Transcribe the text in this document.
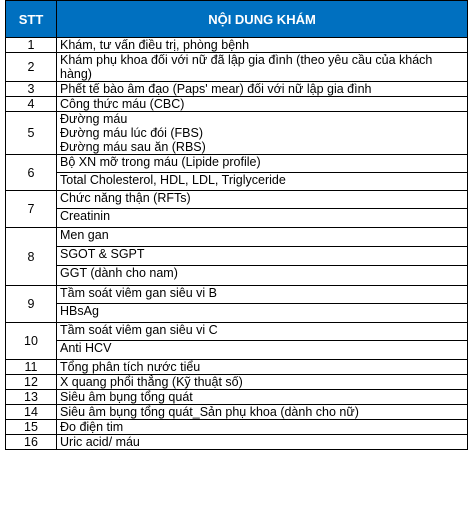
STT	NỘI DUNG KHÁM
1	Khám, tư vấn điều trị, phòng bệnh

2	Khám phụ khoa đối với nữ đã lập gia đình (theo yêu cầu của khách hàng)

3	Phết tế bào âm đạo (Paps' mear) đối với nữ lập gia đình

4	Công thức máu (CBC)

5	Đường máu
Đường máu lúc đói (FBS)
Đường máu sau ăn (RBS)

6	Bộ XN mỡ trong máu (Lipide profile)

	Total Cholesterol, HDL, LDL, Triglyceride

7	Chức năng thận (RFTs)

	Creatinin

8	Men gan

	SGOT & SGPT

	GGT (dành cho nam)

9	Tầm soát viêm gan siêu vi B

	HBsAg

10	Tầm soát viêm gan siêu vi C

	Anti HCV

11	Tổng phân tích nước tiểu

12	X quang phổi thẳng (Kỹ thuật số)

13	Siêu âm bụng tổng quát

14	Siêu âm bụng tổng quát_Sản phụ khoa (dành cho nữ)

15	Đo điện tim

16	Uric acid/ máu
